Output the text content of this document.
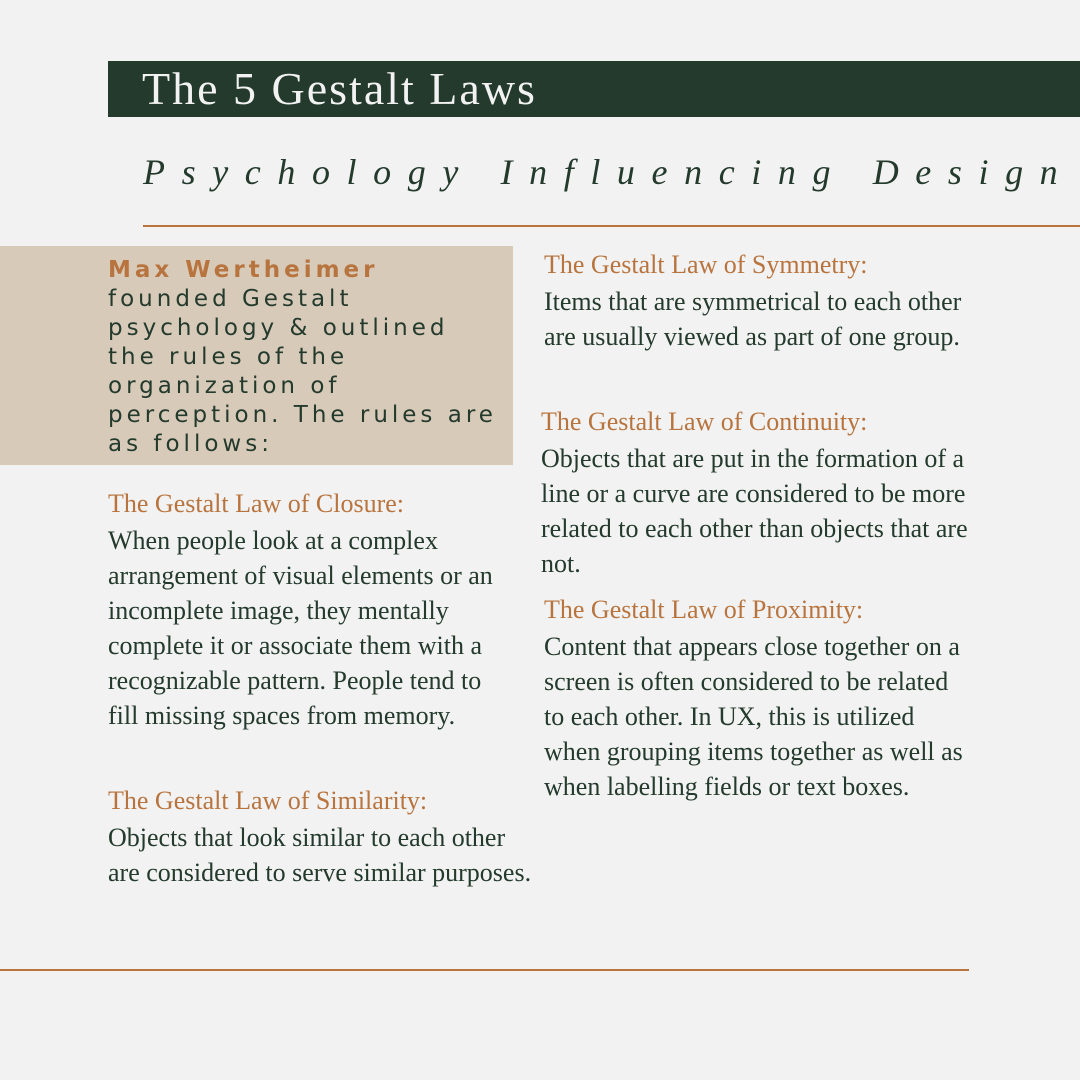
The 5 Gestalt Laws
Psychology Influencing Design
Max Wertheimer
founded Gestalt psychology & outlined the rules of the organization of perception. The rules are as follows:
The Gestalt Law of Closure:

When people look at a complex arrangement of visual elements or an incomplete image, they mentally complete it or associate them with a recognizable pattern. People tend to fill missing spaces from memory.

The Gestalt Law of Similarity:

Objects that look similar to each other are considered to serve similar purposes.

The Gestalt Law of Symmetry:

Items that are symmetrical to each other are usually viewed as part of one group.

The Gestalt Law of Continuity:

Objects that are put in the formation of a line or a curve are considered to be more related to each other than objects that are not.

The Gestalt Law of Proximity:

Content that appears close together on a screen is often considered to be related to each other. In UX, this is utilized when grouping items together as well as when labelling fields or text boxes.
